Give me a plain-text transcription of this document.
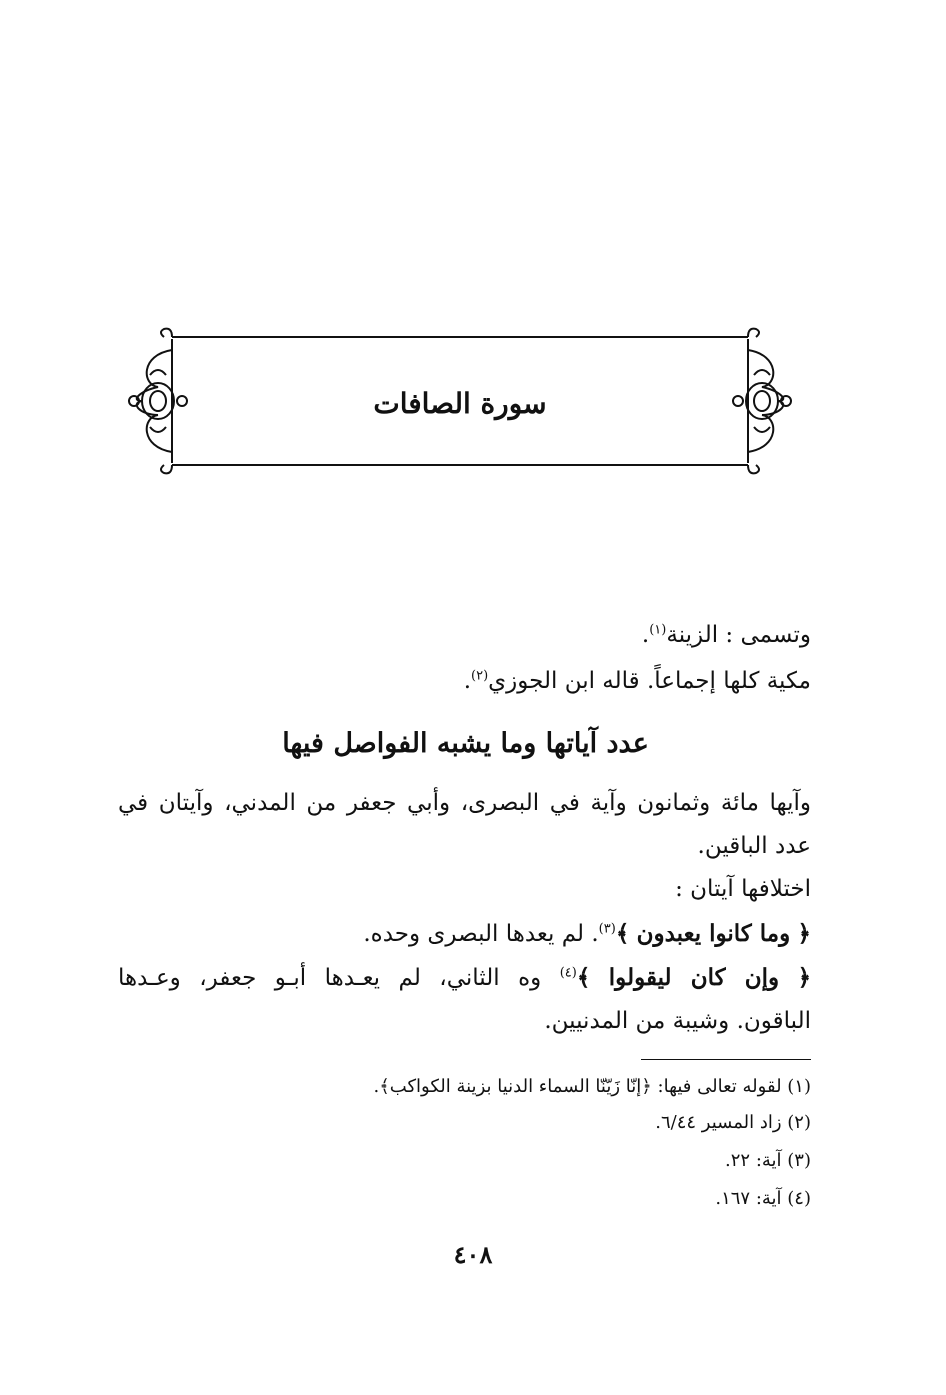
سورة الصافات

وتسمى : الزينة$^{(١)}$.

مكية كلها إجماعاً. قاله ابن الجوزي$^{(٢)}$.

عدد آياتها وما يشبه الفواصل فيها

وآيها مائة وثمانون وآية في البصرى، وأبي جعفر من المدني، وآيتان في

عدد الباقين.

اختلافها آيتان :

﴿ وما كانوا يعبدون ﴾$^{(٣)}$. لم يعدها البصرى وحده.

﴿ وإن كان ليقولوا ﴾$^{(٤)}$ وه الثاني، لم يعـدها أبـو جعفر، وعـدها

الباقون. وشيبة من المدنيين.

(١) لقوله تعالى فيها: ﴿إنّا زَيّنّا السماء الدنيا بزينة الكواكب﴾.

(٢) زاد المسير ٦/٤٤.

(٣) آية: ٢٢.

(٤) آية: ١٦٧.

٤٠٨
